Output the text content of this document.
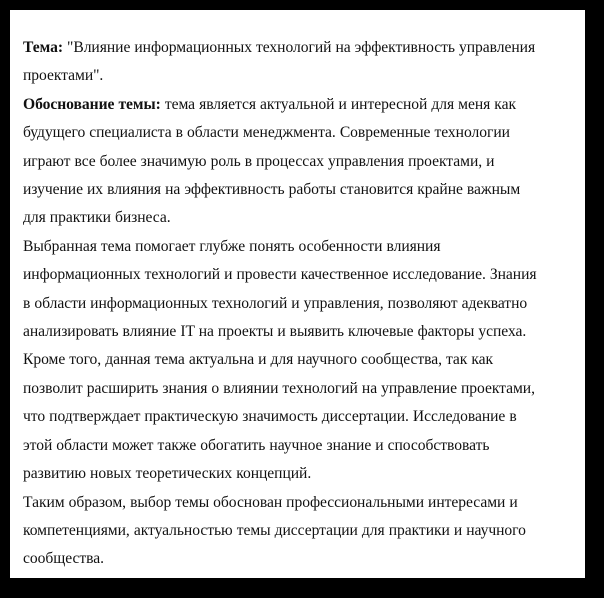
Тема: "Влияние информационных технологий на эффективность управления
проектами".

Обоснование темы: тема является актуальной и интересной для меня как
будущего специалиста в области менеджмента. Современные технологии
играют все более значимую роль в процессах управления проектами, и
изучение их влияния на эффективность работы становится крайне важным
для практики бизнеса.

Выбранная тема помогает глубже понять особенности влияния
информационных технологий и провести качественное исследование. Знания
в области информационных технологий и управления, позволяют адекватно
анализировать влияние IT на проекты и выявить ключевые факторы успеха.

Кроме того, данная тема актуальна и для научного сообщества, так как
позволит расширить знания о влиянии технологий на управление проектами,
что подтверждает практическую значимость диссертации. Исследование в
этой области может также обогатить научное знание и способствовать
развитию новых теоретических концепций.

Таким образом, выбор темы обоснован профессиональными интересами и
компетенциями, актуальностью темы диссертации для практики и научного
сообщества.
